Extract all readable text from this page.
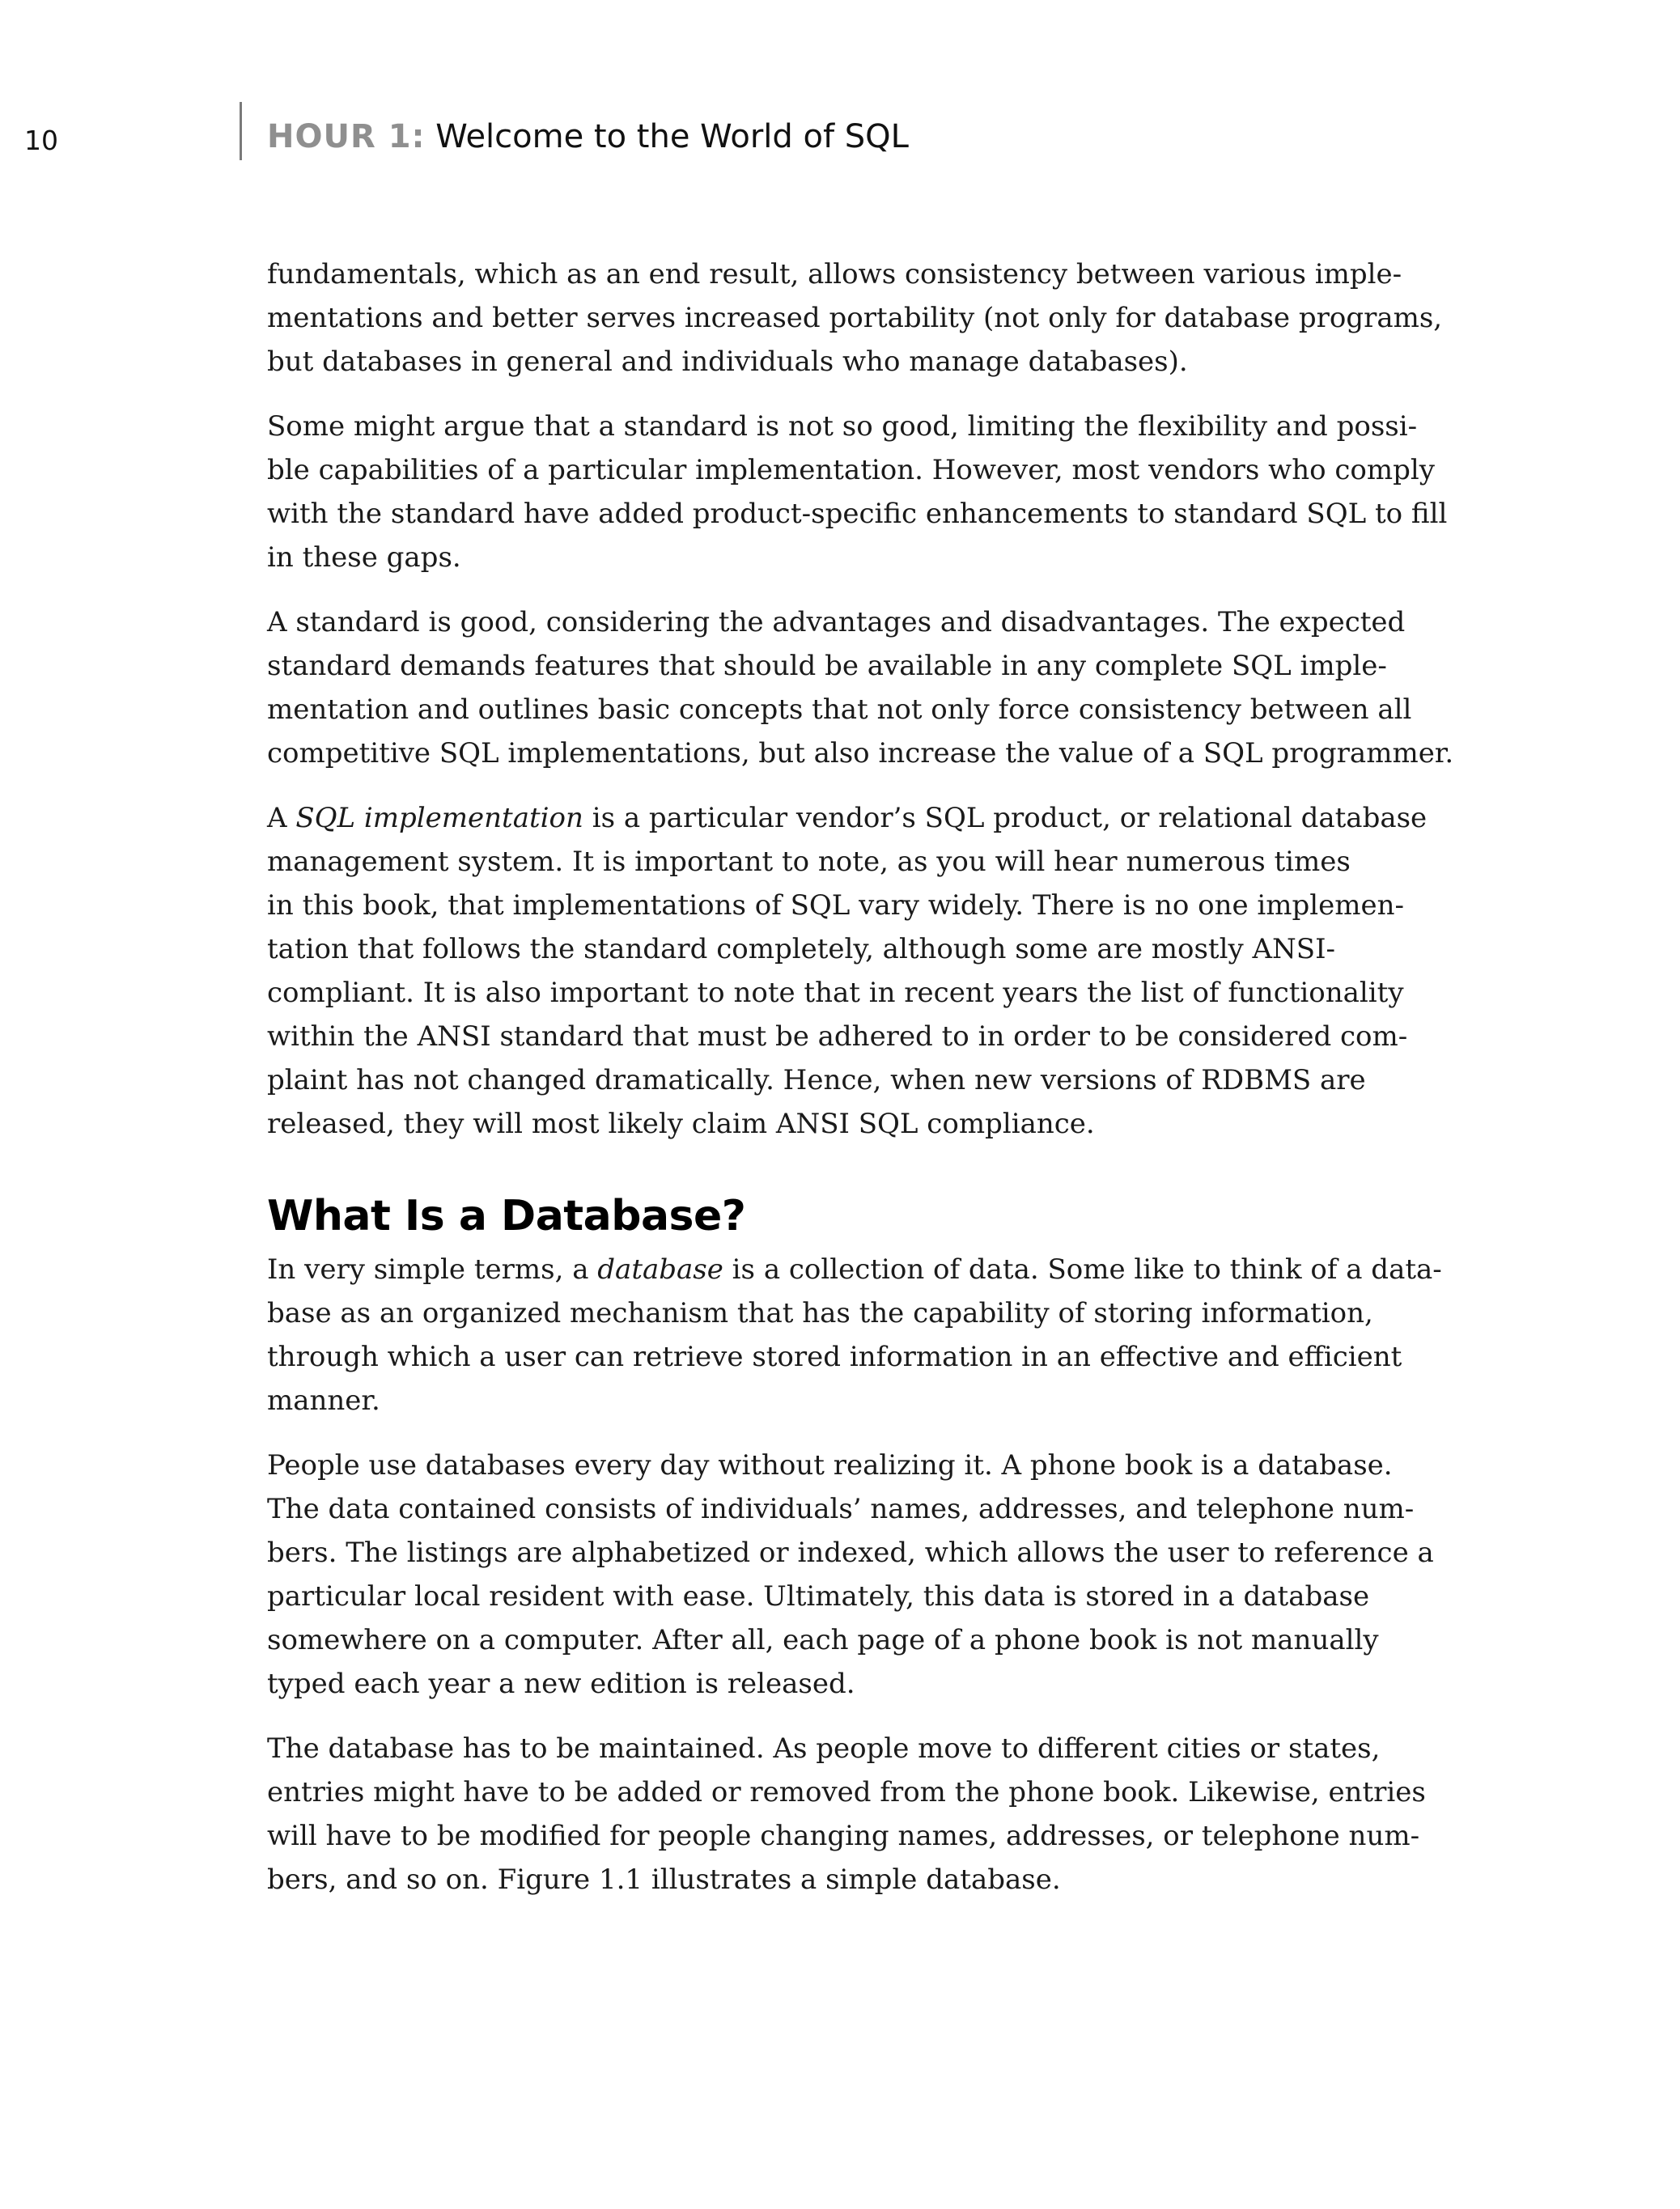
10	HOUR 1: Welcome to the World of SQL

fundamentals, which as an end result, allows consistency between various imple-
mentations and better serves increased portability (not only for database programs,
but databases in general and individuals who manage databases).

Some might argue that a standard is not so good, limiting the flexibility and possi-
ble capabilities of a particular implementation. However, most vendors who comply
with the standard have added product-specific enhancements to standard SQL to fill
in these gaps.

A standard is good, considering the advantages and disadvantages. The expected
standard demands features that should be available in any complete SQL imple-
mentation and outlines basic concepts that not only force consistency between all
competitive SQL implementations, but also increase the value of a SQL programmer.

A SQL implementation is a particular vendor’s SQL product, or relational database
management system. It is important to note, as you will hear numerous times
in this book, that implementations of SQL vary widely. There is no one implemen-
tation that follows the standard completely, although some are mostly ANSI-
compliant. It is also important to note that in recent years the list of functionality
within the ANSI standard that must be adhered to in order to be considered com-
plaint has not changed dramatically. Hence, when new versions of RDBMS are
released, they will most likely claim ANSI SQL compliance.

What Is a Database?

In very simple terms, a database is a collection of data. Some like to think of a data-
base as an organized mechanism that has the capability of storing information,
through which a user can retrieve stored information in an effective and efficient
manner.

People use databases every day without realizing it. A phone book is a database.
The data contained consists of individuals’ names, addresses, and telephone num-
bers. The listings are alphabetized or indexed, which allows the user to reference a
particular local resident with ease. Ultimately, this data is stored in a database
somewhere on a computer. After all, each page of a phone book is not manually
typed each year a new edition is released.

The database has to be maintained. As people move to different cities or states,
entries might have to be added or removed from the phone book. Likewise, entries
will have to be modified for people changing names, addresses, or telephone num-
bers, and so on. Figure 1.1 illustrates a simple database.
